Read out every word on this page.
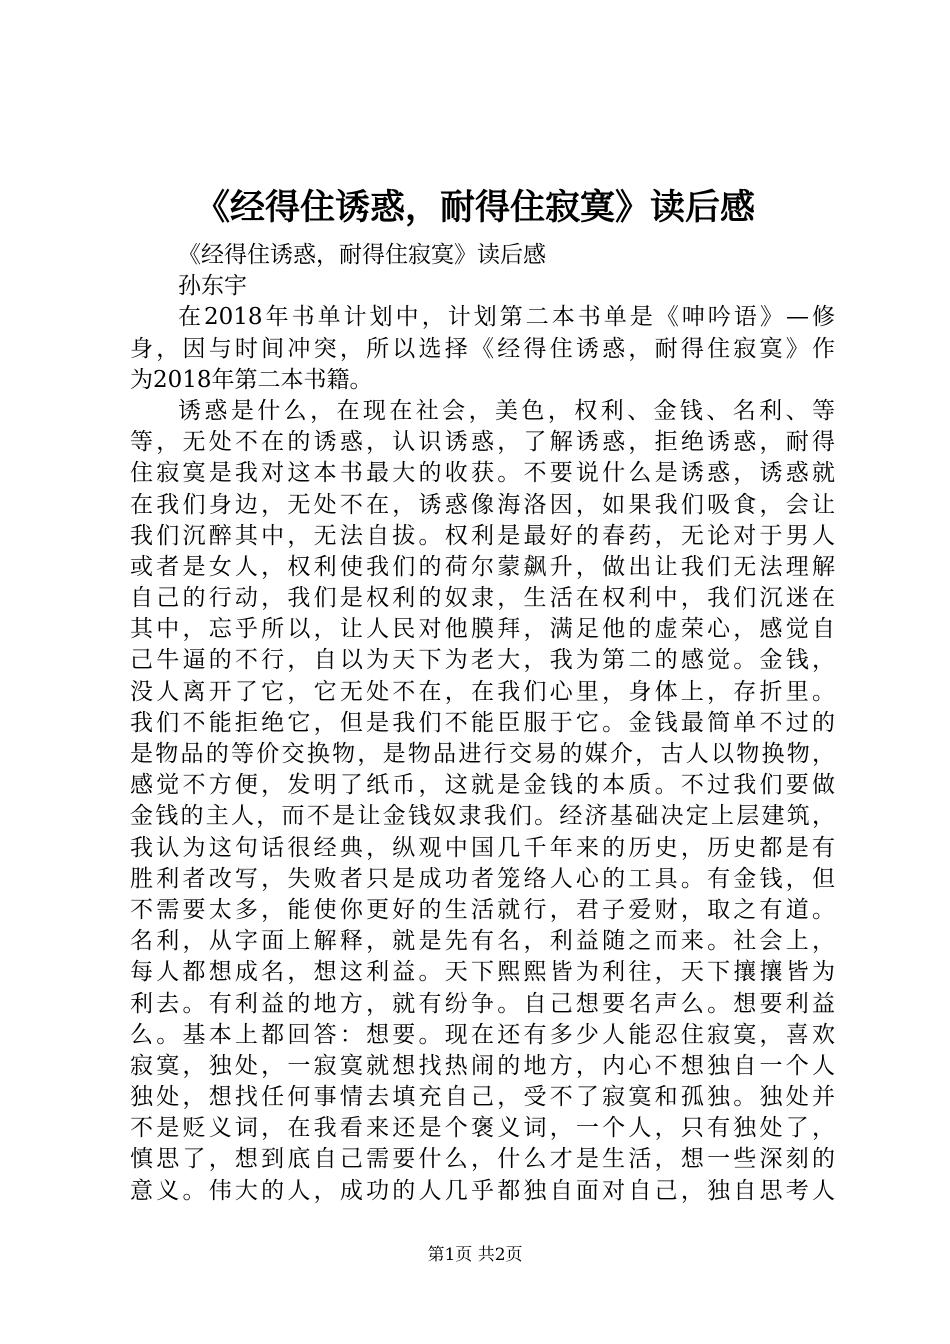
《经得住诱惑，耐得住寂寞》读后感
《经得住诱惑，耐得住寂寞》读后感
孙东宇
在2018年书单计划中，计划第二本书单是《呻吟语》—修
身，因与时间冲突，所以选择《经得住诱惑，耐得住寂寞》作
为2018年第二本书籍。
诱惑是什么，在现在社会，美色，权利、金钱、名利、等
等，无处不在的诱惑，认识诱惑，了解诱惑，拒绝诱惑，耐得
住寂寞是我对这本书最大的收获。不要说什么是诱惑，诱惑就
在我们身边，无处不在，诱惑像海洛因，如果我们吸食，会让
我们沉醉其中，无法自拔。权利是最好的春药，无论对于男人
或者是女人，权利使我们的荷尔蒙飙升，做出让我们无法理解
自己的行动，我们是权利的奴隶，生活在权利中，我们沉迷在
其中，忘乎所以，让人民对他膜拜，满足他的虚荣心，感觉自
己牛逼的不行，自以为天下为老大，我为第二的感觉。金钱，
没人离开了它，它无处不在，在我们心里，身体上，存折里。
我们不能拒绝它，但是我们不能臣服于它。金钱最简单不过的
是物品的等价交换物，是物品进行交易的媒介，古人以物换物，
感觉不方便，发明了纸币，这就是金钱的本质。不过我们要做
金钱的主人，而不是让金钱奴隶我们。经济基础决定上层建筑，
我认为这句话很经典，纵观中国几千年来的历史，历史都是有
胜利者改写，失败者只是成功者笼络人心的工具。有金钱，但
不需要太多，能使你更好的生活就行，君子爱财，取之有道。
名利，从字面上解释，就是先有名，利益随之而来。社会上，
每人都想成名，想这利益。天下熙熙皆为利往，天下攘攘皆为
利去。有利益的地方，就有纷争。自己想要名声么。想要利益
么。基本上都回答：想要。现在还有多少人能忍住寂寞，喜欢
寂寞，独处，一寂寞就想找热闹的地方，内心不想独自一个人
独处，想找任何事情去填充自己，受不了寂寞和孤独。独处并
不是贬义词，在我看来还是个褒义词，一个人，只有独处了，
慎思了，想到底自己需要什么，什么才是生活，想一些深刻的
意义。伟大的人，成功的人几乎都独自面对自己，独自思考人
第1页 共2页
